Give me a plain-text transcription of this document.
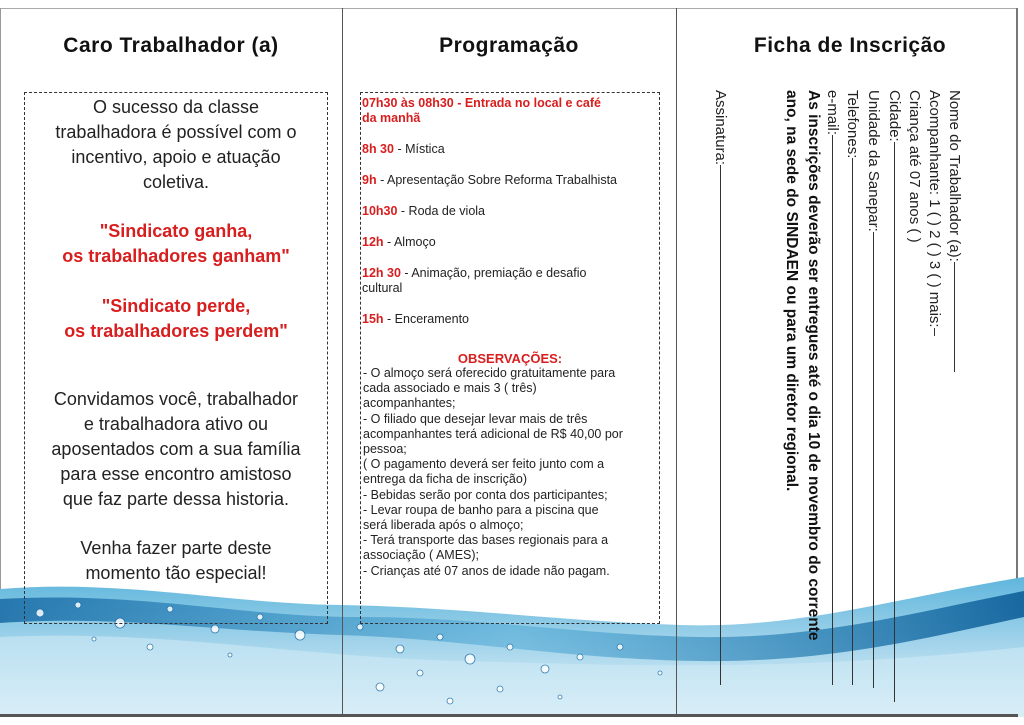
Caro Trabalhador (a)

O sucesso da classe

trabalhadora é possível com o

incentivo, apoio e atuação

coletiva.

"Sindicato ganha,

os trabalhadores ganham"

"Sindicato perde,

os trabalhadores perdem"

Convidamos você, trabalhador

e trabalhadora ativo ou

aposentados com a sua família

para esse encontro amistoso

que faz parte dessa historia.

Venha fazer parte deste

momento tão especial!

Programação
07h30 às 08h30 - Entrada no local e café
da manhã
8h 30 - Mística
9h - Apresentação Sobre Reforma Trabalhista
10h30 - Roda de viola
12h - Almoço
12h 30 - Animação, premiação e desafio
cultural
15h - Enceramento
OBSERVAÇÕES:
- O almoço será oferecido gratuitamente para
cada associado e mais 3 ( três)
acompanhantes;
- O filiado que desejar levar mais de três
acompanhantes terá adicional de R$ 40,00 por
pessoa;
( O pagamento deverá ser feito junto com a
entrega da ficha de inscrição)
- Bebidas serão por conta dos participantes;
- Levar roupa de banho para a piscina que
será liberada após o almoço;
- Terá transporte das bases regionais para a
associação ( AMES);
- Crianças até 07 anos de idade não pagam.
Ficha de Inscrição
Nome do Trabalhador (a):
Acompanhante: 1 ( ) 2 ( ) 3 ( ) mais:
Criança até 07 anos ( )
Cidade:
Unidade da Sanepar:
Telefones:
e-mail:
As inscrições deverão ser entregues até o dia 10 de novembro do corrente
ano, na sede do SINDAEN ou para um diretor regional.
Assinatura:
